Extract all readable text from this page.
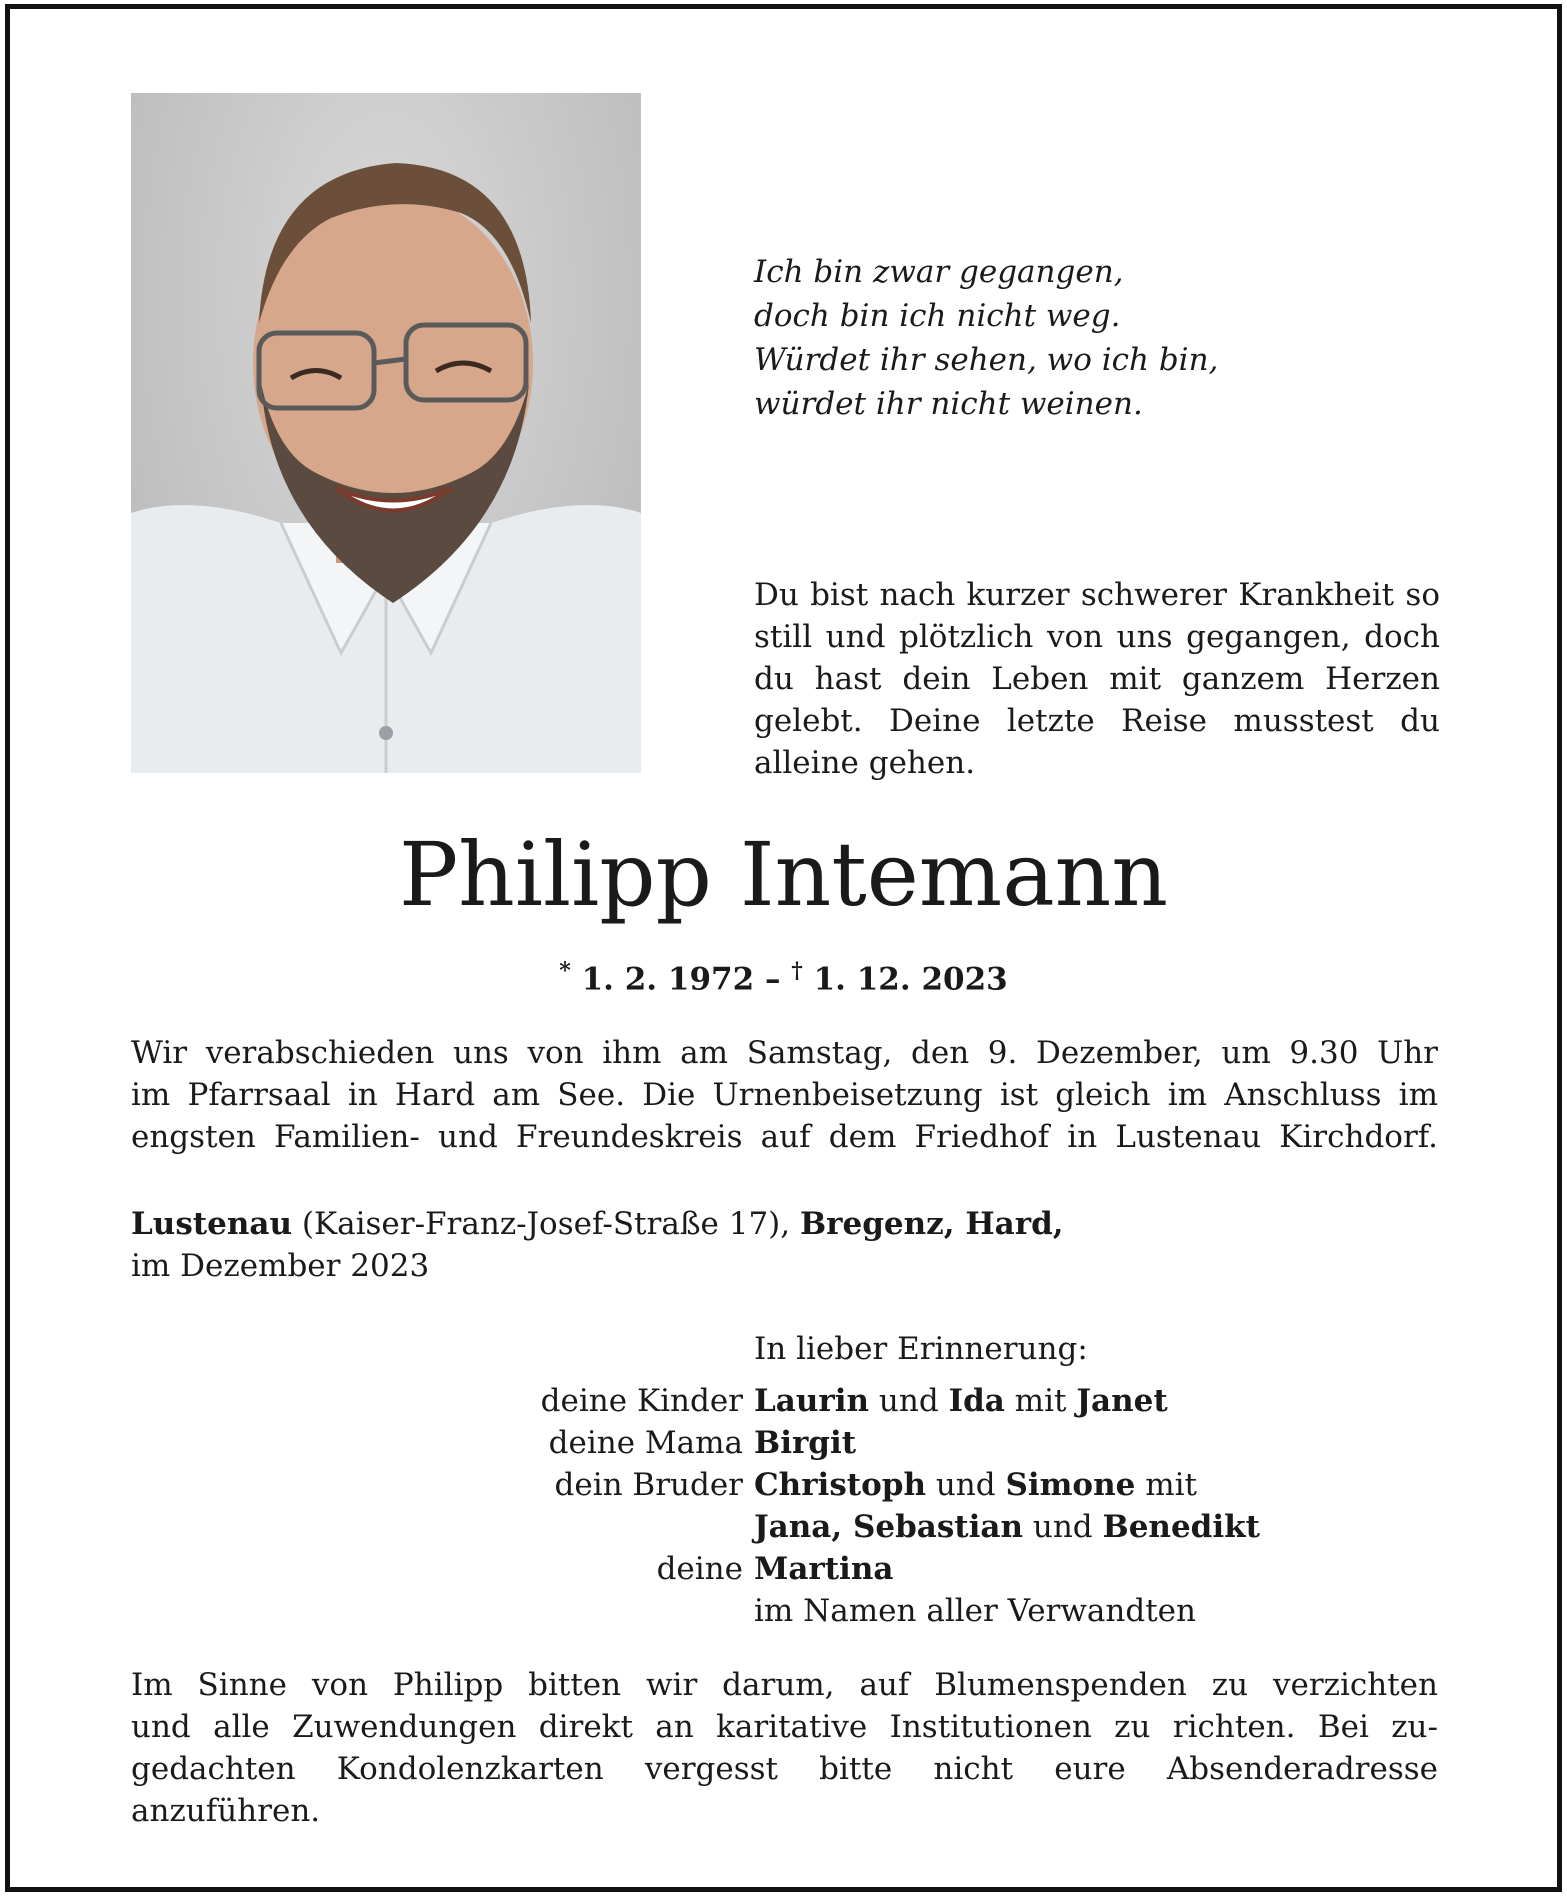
Ich bin zwar gegangen,
doch bin ich nicht weg.
Würdet ihr sehen, wo ich bin,
würdet ihr nicht weinen.
Du bist nach kurzer schwerer Krankheit so still und plötzlich von uns gegangen, doch du hast dein Leben mit ganzem Herzen gelebt. Deine letzte Reise musstest du alleine gehen.
Philipp Intemann
* 1. 2. 1972 – † 1. 12. 2023
Wir verabschieden uns von ihm am Samstag, den 9. Dezember, um 9.30 Uhr
im Pfarrsaal in Hard am See. Die Urnenbeisetzung ist gleich im Anschluss im
engsten Familien- und Freundeskreis auf dem Friedhof in Lustenau Kirchdorf.
Lustenau (Kaiser-Franz-Josef-Straße 17), Bregenz, Hard,
im Dezember 2023
In lieber Erinnerung:
deine Kinder Laurin und Ida mit Janet
deine Mama Birgit
dein Bruder Christoph und Simone mit
Jana, Sebastian und Benedikt
deine Martina
im Namen aller Verwandten
Im Sinne von Philipp bitten wir darum, auf Blumenspenden zu verzichten
und alle Zuwendungen direkt an karitative Institutionen zu richten. Bei zu-
gedachten Kondolenzkarten vergesst bitte nicht eure Absenderadresse
anzuführen.
